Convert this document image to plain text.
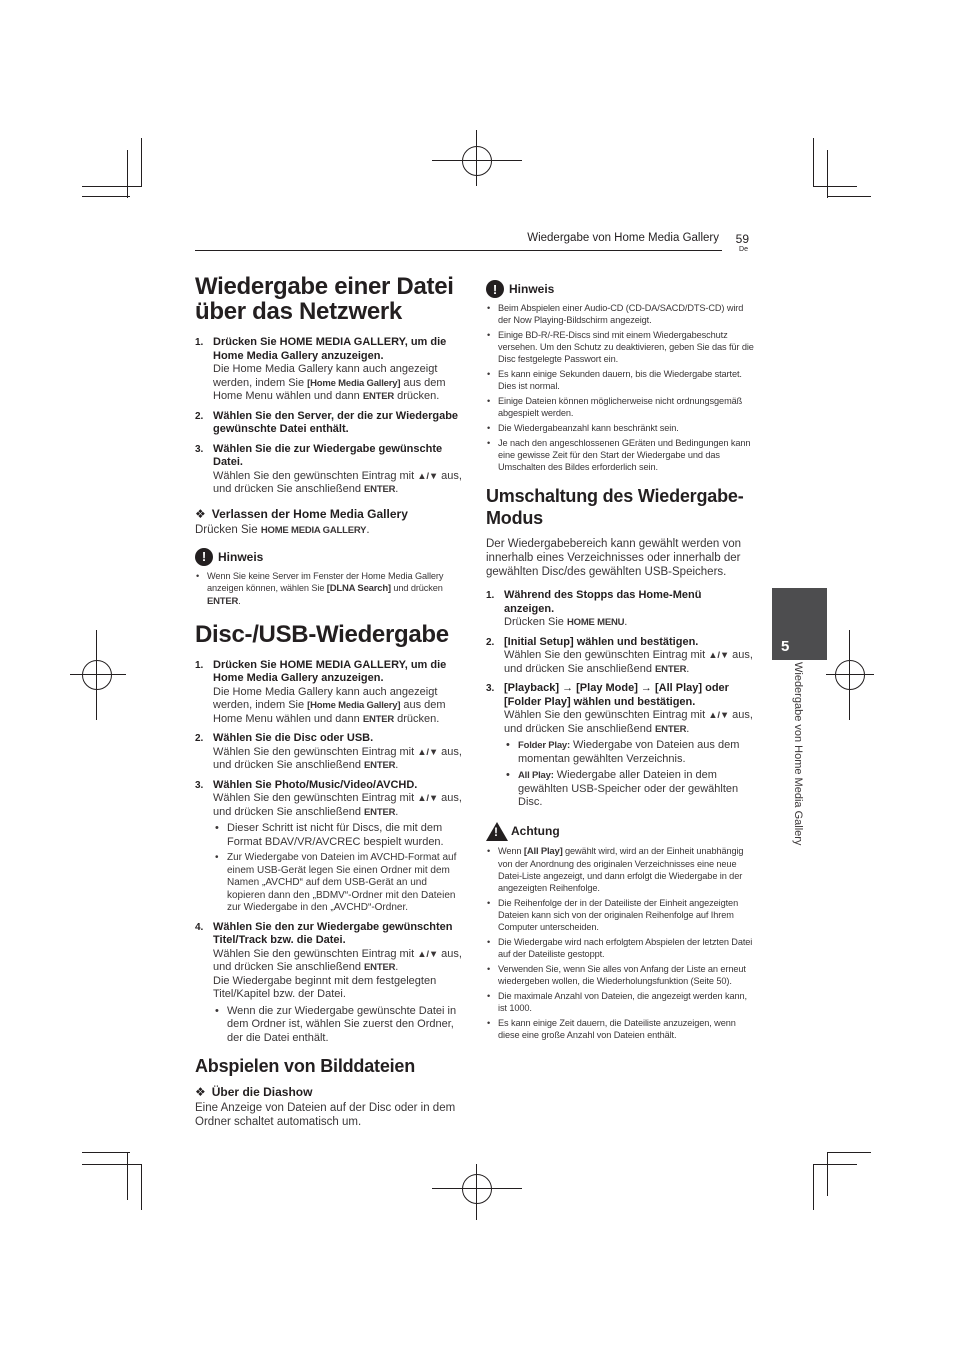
Wiedergabe von Home Media Gallery 59
De
5
Wiedergabe von Home Media Gallery
Wiedergabe einer Datei
über das Netzwerk
1. Drücken Sie HOME MEDIA GALLERY, um die Home Media Gallery anzuzeigen.
Die Home Media Gallery kann auch angezeigt werden, indem Sie [Home Media Gallery] aus dem Home Menu wählen und dann ENTER drücken.
2. Wählen Sie den Server, der die zur Wiedergabe gewünschte Datei enthält.
3. Wählen Sie die zur Wiedergabe gewünschte Datei.
Wählen Sie den gewünschten Eintrag mit ▲/▼ aus, und drücken Sie anschließend ENTER.
❖ Verlassen der Home Media Gallery

Drücken Sie HOME MEDIA GALLERY.

! Hinweis
• Wenn Sie keine Server im Fenster der Home Media Gallery anzeigen können, wählen Sie [DLNA Search] und drücken ENTER.
Disc-/USB-Wiedergabe
1. Drücken Sie HOME MEDIA GALLERY, um die Home Media Gallery anzuzeigen.
Die Home Media Gallery kann auch angezeigt werden, indem Sie [Home Media Gallery] aus dem Home Menu wählen und dann ENTER drücken.
2. Wählen Sie die Disc oder USB.
Wählen Sie den gewünschten Eintrag mit ▲/▼ aus, und drücken Sie anschließend ENTER.
3. Wählen Sie Photo/Music/Video/AVCHD.
Wählen Sie den gewünschten Eintrag mit ▲/▼ aus, und drücken Sie anschließend ENTER.
• Dieser Schritt ist nicht für Discs, die mit dem Format BDAV/VR/AVCREC bespielt wurden.
• Zur Wiedergabe von Dateien im AVCHD-Format auf einem USB-Gerät legen Sie einen Ordner mit dem Namen „AVCHD“ auf dem USB-Gerät an und kopieren dann den „BDMV“-Ordner mit den Dateien zur Wiedergabe in den „AVCHD“-Ordner.
4. Wählen Sie den zur Wiedergabe gewünschten Titel/Track bzw. die Datei.
Wählen Sie den gewünschten Eintrag mit ▲/▼ aus, und drücken Sie anschließend ENTER.
Die Wiedergabe beginnt mit dem festgelegten Titel/Kapitel bzw. der Datei.
• Wenn die zur Wiedergabe gewünschte Datei in dem Ordner ist, wählen Sie zuerst den Ordner, der die Datei enthält.
Abspielen von Bilddateien
❖ Über die Diashow

Eine Anzeige von Dateien auf der Disc oder in dem Ordner schaltet automatisch um.

! Hinweis
• Beim Abspielen einer Audio-CD (CD-DA/SACD/DTS-CD) wird der Now Playing-Bildschirm angezeigt.
• Einige BD-R/-RE-Discs sind mit einem Wiedergabeschutz versehen. Um den Schutz zu deaktivieren, geben Sie das für die Disc festgelegte Passwort ein.
• Es kann einige Sekunden dauern, bis die Wiedergabe startet. Dies ist normal.
• Einige Dateien können möglicherweise nicht ordnungsgemäß abgespielt werden.
• Die Wiedergabeanzahl kann beschränkt sein.
• Je nach den angeschlossenen GEräten und Bedingungen kann eine gewisse Zeit für den Start der Wiedergabe und das Umschalten des Bildes erforderlich sein.
Umschaltung des Wiedergabe-
Modus

Der Wiedergabebereich kann gewählt werden von innerhalb eines Verzeichnisses oder innerhalb der gewählten Disc/des gewählten USB-Speichers.

1. Während des Stopps das Home-Menü anzeigen.
Drücken Sie HOME MENU.
2. [Initial Setup] wählen und bestätigen.
Wählen Sie den gewünschten Eintrag mit ▲/▼ aus, und drücken Sie anschließend ENTER.
3. [Playback] → [Play Mode] → [All Play] oder [Folder Play] wählen und bestätigen.
Wählen Sie den gewünschten Eintrag mit ▲/▼ aus, und drücken Sie anschließend ENTER.
• Folder Play: Wiedergabe von Dateien aus dem momentan gewählten Verzeichnis.
• All Play: Wiedergabe aller Dateien in dem gewählten USB-Speicher oder der gewählten Disc.
! Achtung
• Wenn [All Play] gewählt wird, wird an der Einheit unabhängig von der Anordnung des originalen Verzeichnisses eine neue Datei-Liste angezeigt, und dann erfolgt die Wiedergabe in der angezeigten Reihenfolge.
• Die Reihenfolge der in der Dateiliste der Einheit angezeigten Dateien kann sich von der originalen Reihenfolge auf Ihrem Computer unterscheiden.
• Die Wiedergabe wird nach erfolgtem Abspielen der letzten Datei auf der Dateiliste gestoppt.
• Verwenden Sie, wenn Sie alles von Anfang der Liste an erneut wiedergeben wollen, die Wiederholungsfunktion (Seite 50).
• Die maximale Anzahl von Dateien, die angezeigt werden kann, ist 1000.
• Es kann einige Zeit dauern, die Dateiliste anzuzeigen, wenn diese eine große Anzahl von Dateien enthält.
